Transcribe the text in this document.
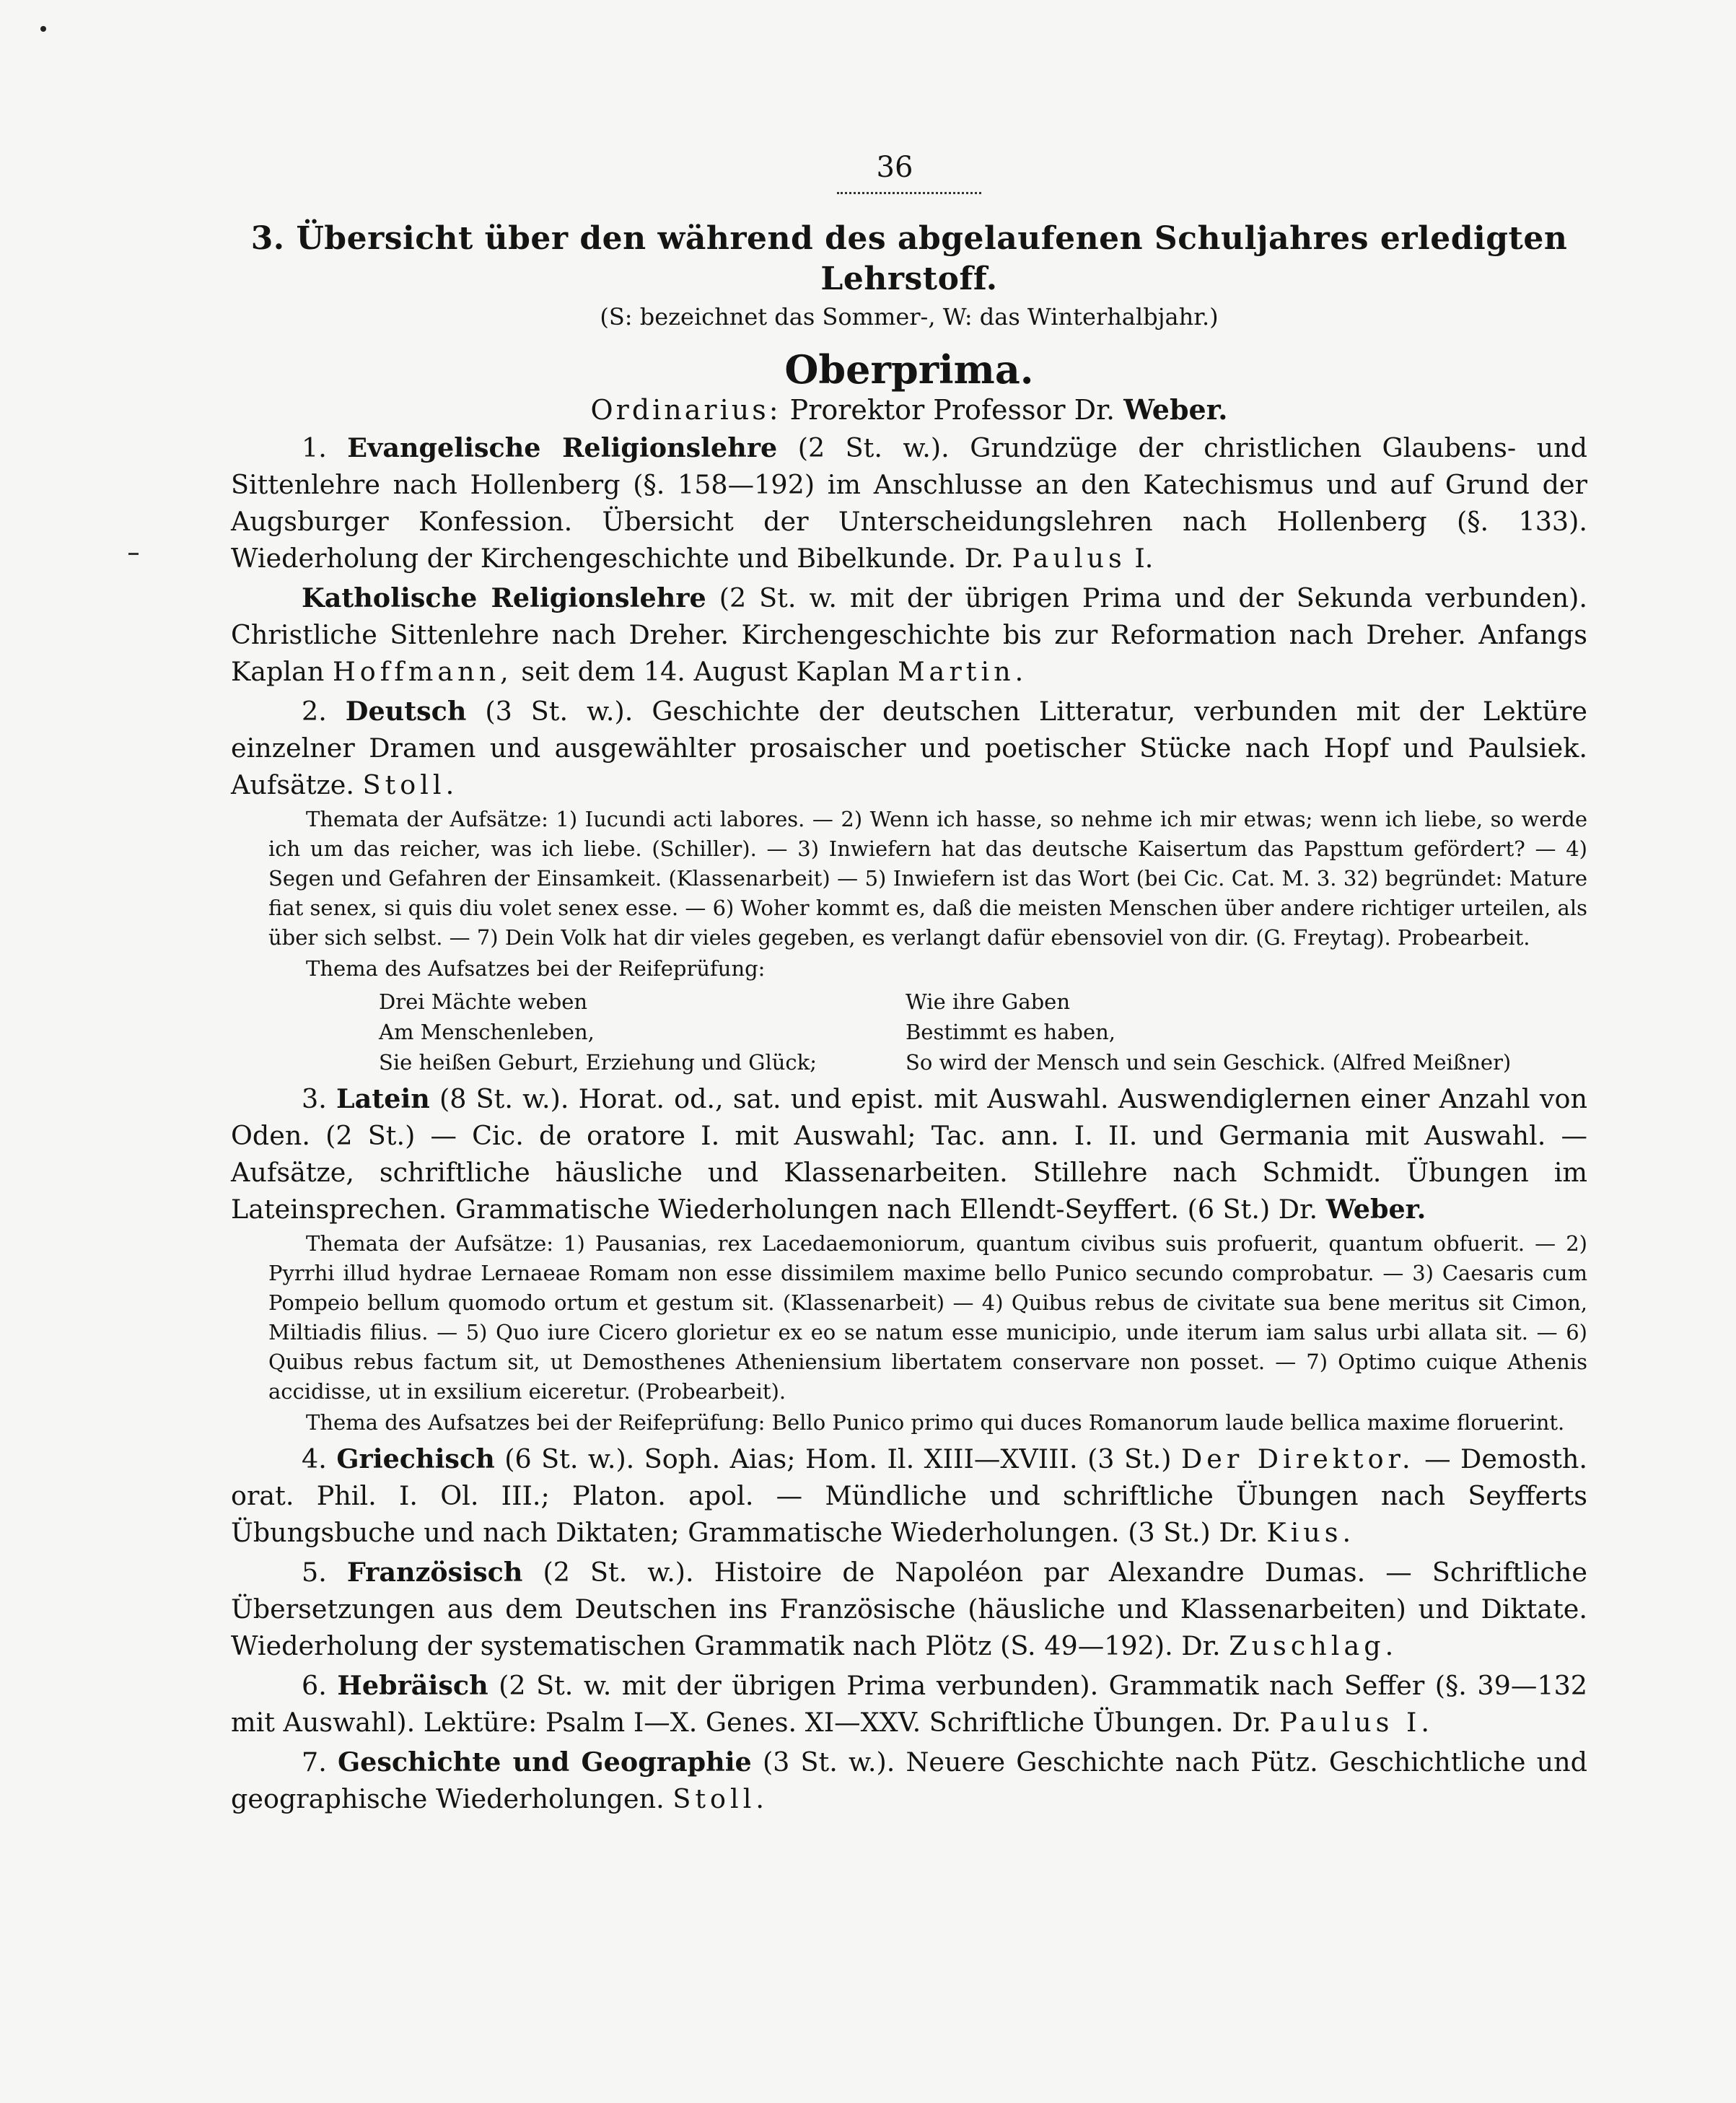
36
3. Übersicht über den während des abgelaufenen Schuljahres erledigten Lehrstoff.
(S: bezeichnet das Sommer-, W: das Winterhalbjahr.)
Oberprima.
Ordinarius: Prorektor Professor Dr. Weber.
1. Evangelische Religionslehre (2 St. w.). Grundzüge der christlichen Glaubens- und Sittenlehre nach Hollenberg (§. 158—192) im Anschlusse an den Katechismus und auf Grund der Augsburger Konfession. Übersicht der Unterscheidungslehren nach Hollenberg (§. 133). Wiederholung der Kirchengeschichte und Bibelkunde. Dr. Paulus I.
Katholische Religionslehre (2 St. w. mit der übrigen Prima und der Sekunda verbunden). Christliche Sittenlehre nach Dreher. Kirchengeschichte bis zur Reformation nach Dreher. Anfangs Kaplan Hoffmann, seit dem 14. August Kaplan Martin.
2. Deutsch (3 St. w.). Geschichte der deutschen Litteratur, verbunden mit der Lektüre einzelner Dramen und ausgewählter prosaischer und poetischer Stücke nach Hopf und Paulsiek. Aufsätze. Stoll.
Themata der Aufsätze: 1) Iucundi acti labores. — 2) Wenn ich hasse, so nehme ich mir etwas; wenn ich liebe, so werde ich um das reicher, was ich liebe. (Schiller). — 3) Inwiefern hat das deutsche Kaisertum das Papsttum gefördert? — 4) Segen und Gefahren der Einsamkeit. (Klassenarbeit) — 5) Inwiefern ist das Wort (bei Cic. Cat. M. 3. 32) begründet: Mature fiat senex, si quis diu volet senex esse. — 6) Woher kommt es, daß die meisten Menschen über andere richtiger urteilen, als über sich selbst. — 7) Dein Volk hat dir vieles gegeben, es verlangt dafür ebensoviel von dir. (G. Freytag). Probearbeit.
Thema des Aufsatzes bei der Reifeprüfung:
Drei Mächte weben	Wie ihre Gaben
Am Menschenleben,	Bestimmt es haben,
Sie heißen Geburt, Erziehung und Glück;	So wird der Mensch und sein Geschick. (Alfred Meißner)
3. Latein (8 St. w.). Horat. od., sat. und epist. mit Auswahl. Auswendiglernen einer Anzahl von Oden. (2 St.) — Cic. de oratore I. mit Auswahl; Tac. ann. I. II. und Germania mit Auswahl. — Aufsätze, schriftliche häusliche und Klassenarbeiten. Stillehre nach Schmidt. Übungen im Lateinsprechen. Grammatische Wiederholungen nach Ellendt-Seyffert. (6 St.) Dr. Weber.
Themata der Aufsätze: 1) Pausanias, rex Lacedaemoniorum, quantum civibus suis profuerit, quantum obfuerit. — 2) Pyrrhi illud hydrae Lernaeae Romam non esse dissimilem maxime bello Punico secundo comprobatur. — 3) Caesaris cum Pompeio bellum quomodo ortum et gestum sit. (Klassenarbeit) — 4) Quibus rebus de civitate sua bene meritus sit Cimon, Miltiadis filius. — 5) Quo iure Cicero glorietur ex eo se natum esse municipio, unde iterum iam salus urbi allata sit. — 6) Quibus rebus factum sit, ut Demosthenes Atheniensium libertatem conservare non posset. — 7) Optimo cuique Athenis accidisse, ut in exsilium eiceretur. (Probearbeit).
Thema des Aufsatzes bei der Reifeprüfung: Bello Punico primo qui duces Romanorum laude bellica maxime floruerint.
4. Griechisch (6 St. w.). Soph. Aias; Hom. Il. XIII—XVIII. (3 St.) Der Direktor. — Demosth. orat. Phil. I. Ol. III.; Platon. apol. — Mündliche und schriftliche Übungen nach Seyfferts Übungsbuche und nach Diktaten; Grammatische Wiederholungen. (3 St.) Dr. Kius.
5. Französisch (2 St. w.). Histoire de Napoléon par Alexandre Dumas. — Schriftliche Übersetzungen aus dem Deutschen ins Französische (häusliche und Klassenarbeiten) und Diktate. Wiederholung der systematischen Grammatik nach Plötz (S. 49—192). Dr. Zuschlag.
6. Hebräisch (2 St. w. mit der übrigen Prima verbunden). Grammatik nach Seffer (§. 39—132 mit Auswahl). Lektüre: Psalm I—X. Genes. XI—XXV. Schriftliche Übungen. Dr. Paulus I.
7. Geschichte und Geographie (3 St. w.). Neuere Geschichte nach Pütz. Geschichtliche und geographische Wiederholungen. Stoll.
